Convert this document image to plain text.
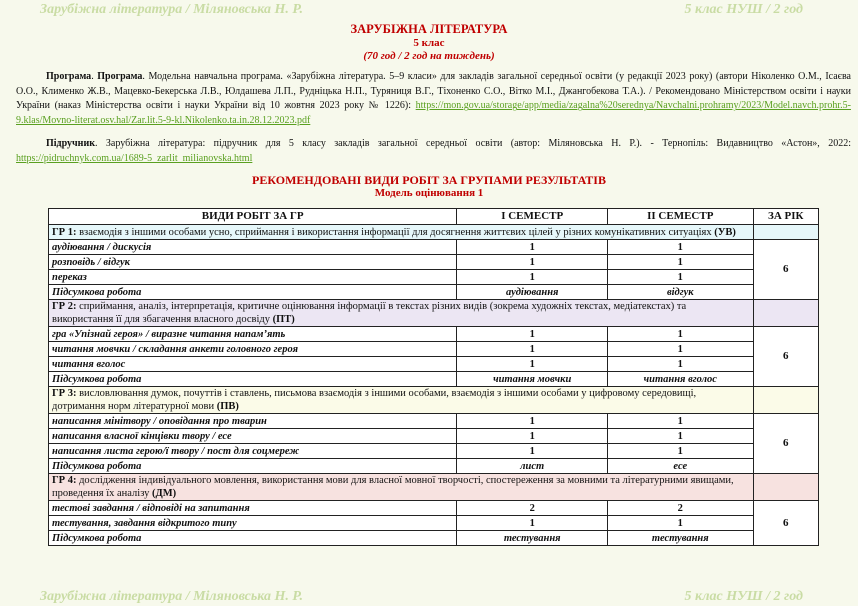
Зарубіжна література / Міляновська Н. Р.	5 клас НУШ / 2 год
ЗАРУБІЖНА ЛІТЕРАТУРА
5 клас
(70 год / 2 год на тиждень)
Програма. Програма. Модельна навчальна програма. «Зарубіжна література. 5–9 класи» для закладів загальної середньої освіти (у редакції 2023 року) (автори Ніколенко О.М., Ісаєва О.О., Клименко Ж.В., Мацевко-Бекерська Л.В., Юлдашева Л.П., Рудніцька Н.П., Туряниця В.Г., Тіхоненко С.О., Вітко М.І., Джангобекова Т.А.). / Рекомендовано Міністерством освіти і науки України (наказ Міністерства освіти і науки України від 10 жовтня 2023 року № 1226): https://mon.gov.ua/storage/app/media/zagalna%20serednya/Navchalni.prohramy/2023/Model.navch.prohr.5-9.klas/Movno-literat.osv.hal/Zar.lit.5-9-kl.Nikolenko.ta.in.28.12.2023.pdf
Підручник. Зарубіжна література: підручник для 5 класу закладів загальної середньої освіти (автор: Міляновська Н. Р.). - Тернопіль: Видавництво «Астон», 2022: https://pidruchnyk.com.ua/1689-5_zarlit_milianovska.html
РЕКОМЕНДОВАНІ ВИДИ РОБІТ ЗА ГРУПАМИ РЕЗУЛЬТАТІВ
Модель оцінювання 1
ВИДИ РОБІТ ЗА ГР	І СЕМЕСТР	ІІ СЕМЕСТР	ЗА РІК
ГР 1: взаємодія з іншими особами усно, сприймання і використання інформації для досягнення життєвих цілей у різних комунікативних ситуаціях (УВ)			
аудіювання / дискусія	1	1	6
розповідь / відгук	1	1	
переказ	1	1	
Підсумкова робота	аудіювання	відгук	
ГР 2: сприймання, аналіз, інтерпретація, критичне оцінювання інформації в текстах різних видів (зокрема художніх текстах, медіатекстах) та використання її для збагачення власного досвіду (ПТ)			
гра «Упізнай героя» / виразне читання напам’ять	1	1	6
читання мовчки / складання анкети головного героя	1	1	
читання вголос	1	1	
Підсумкова робота	читання мовчки	читання вголос	
ГР 3: висловлювання думок, почуттів і ставлень, письмова взаємодія з іншими особами, взаємодія з іншими особами у цифровому середовищі, дотримання норм літературної мови (ПВ)			
написання мінітвору / оповідання про тварин	1	1	6
написання власної кінцівки твору / есе	1	1	
написання листа герою/ї твору / пост для соцмереж	1	1	
Підсумкова робота	лист	есе	
ГР 4: дослідження індивідуального мовлення, використання мови для власної мовної творчості, спостереження за мовними та літературними явищами, проведення їх аналізу (ДМ)			
тестові завдання / відповіді на запитання	2	2	6
тестування, завдання відкритого типу	1	1	
Підсумкова робота	тестування	тестування	
Зарубіжна література / Міляновська Н. Р.	5 клас НУШ / 2 год
